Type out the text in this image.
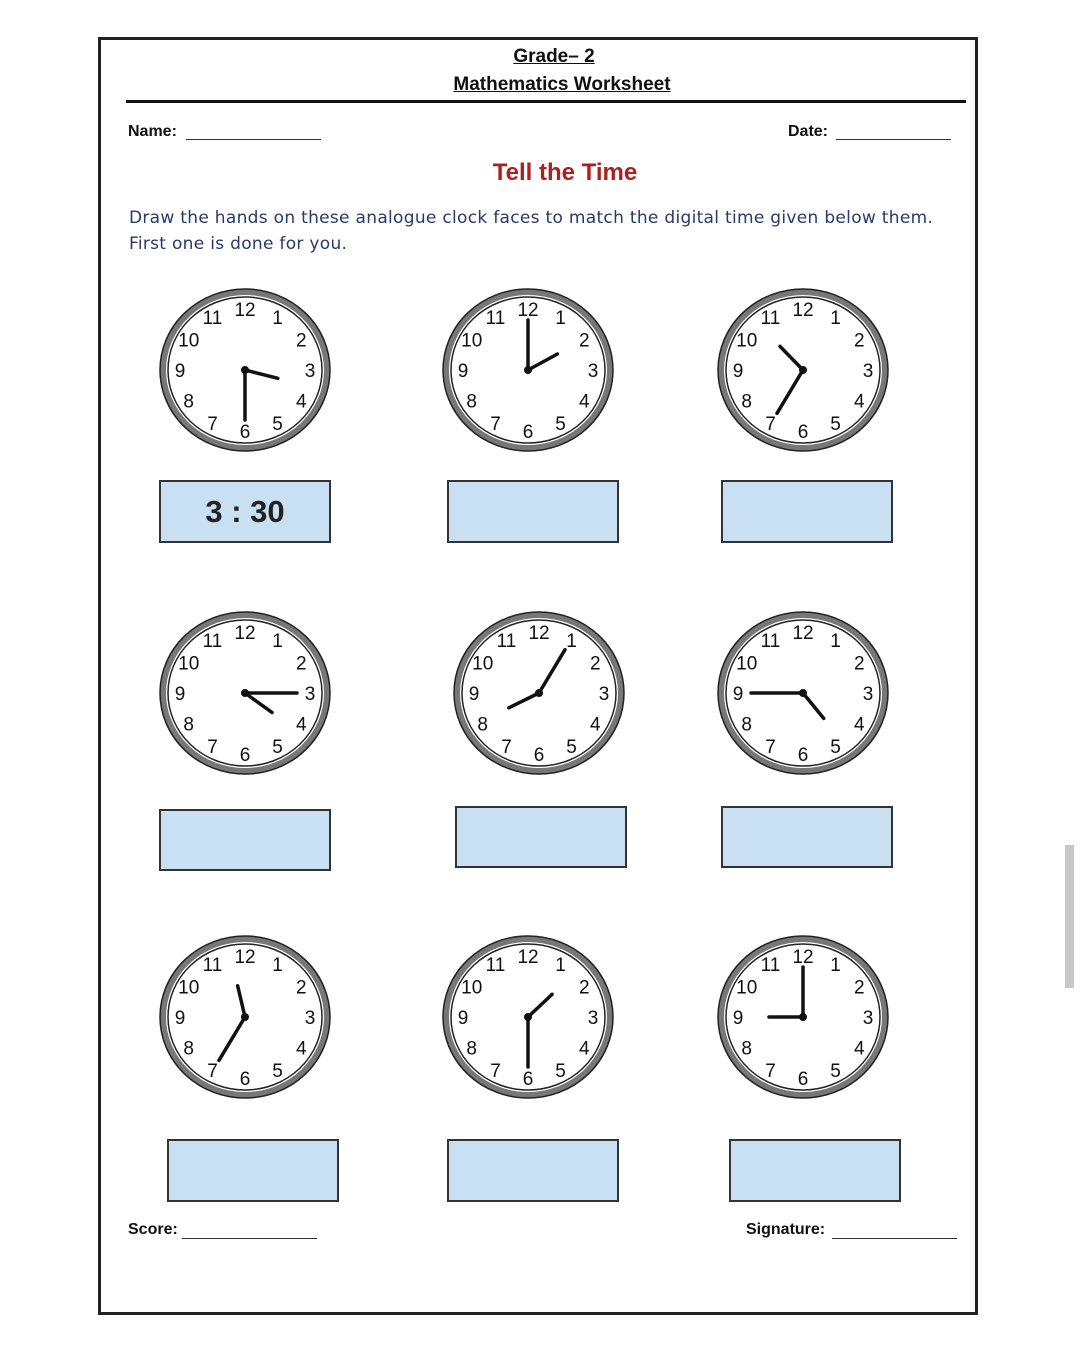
Grade– 2
Mathematics Worksheet
Name:	Date:
Tell the Time
Draw the hands on these analogue clock faces to match the digital time given below them. First one is done for you.
12 1
2
3
4
5
6
7
8
9
10
11	12 1
2
3
4
5
6
7
8
9
10
11	12 1
2
3
4
5
6
7
8
9
10
11
3 : 30
12 1
2
3
4
5
6
7
8
9
10
11	12 1
2
3
4
5
6
7
8
9
10
11	12 1
2
3
4
5
6
7
8
9
10
11
12 1
2
3
4
5
6
7
8
9
10
11	12 1
2
3
4
5
6
7
8
9
10
11	12 1
2
3
4
5
6
7
8
9
10
11
Score:	Signature:
